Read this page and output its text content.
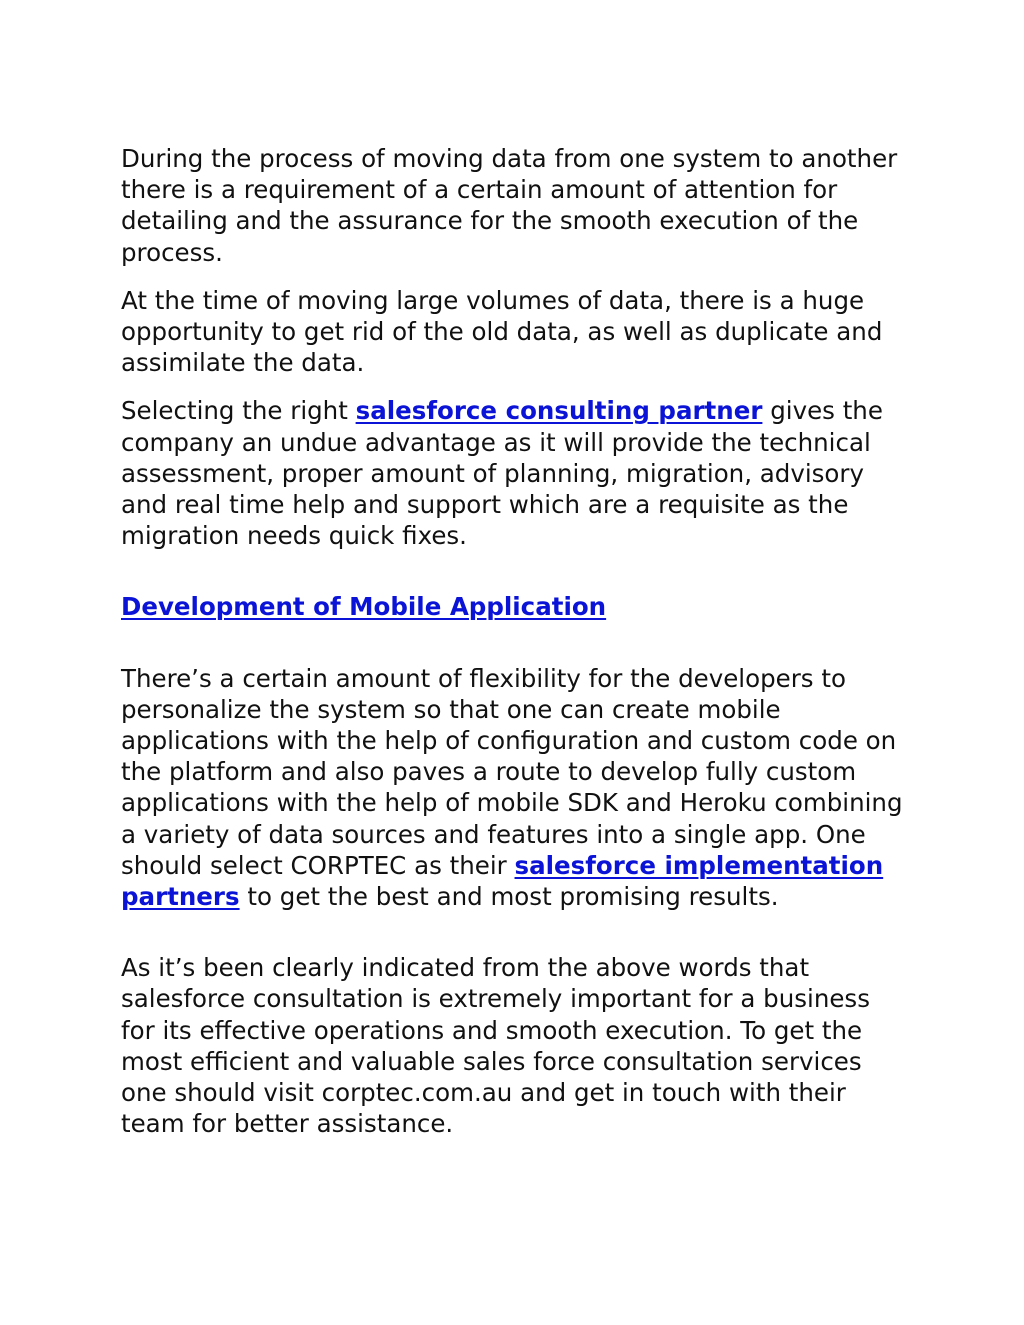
During the process of moving data from one system to another there is a requirement of a certain amount of attention for detailing and the assurance for the smooth execution of the process.

At the time of moving large volumes of data, there is a huge opportunity to get rid of the old data, as well as duplicate and assimilate the data.

Selecting the right salesforce consulting partner gives the company an undue advantage as it will provide the technical assessment, proper amount of planning, migration, advisory and real time help and support which are a requisite as the migration needs quick fixes.

Development of Mobile Application

There’s a certain amount of flexibility for the developers to personalize the system so that one can create mobile applications with the help of configuration and custom code on the platform and also paves a route to develop fully custom applications with the help of mobile SDK and Heroku combining a variety of data sources and features into a single app. One should select CORPTEC as their salesforce implementation partners to get the best and most promising results.

As it’s been clearly indicated from the above words that salesforce consultation is extremely important for a business for its effective operations and smooth execution. To get the most efficient and valuable sales force consultation services one should visit corptec.com.au and get in touch with their team for better assistance.
